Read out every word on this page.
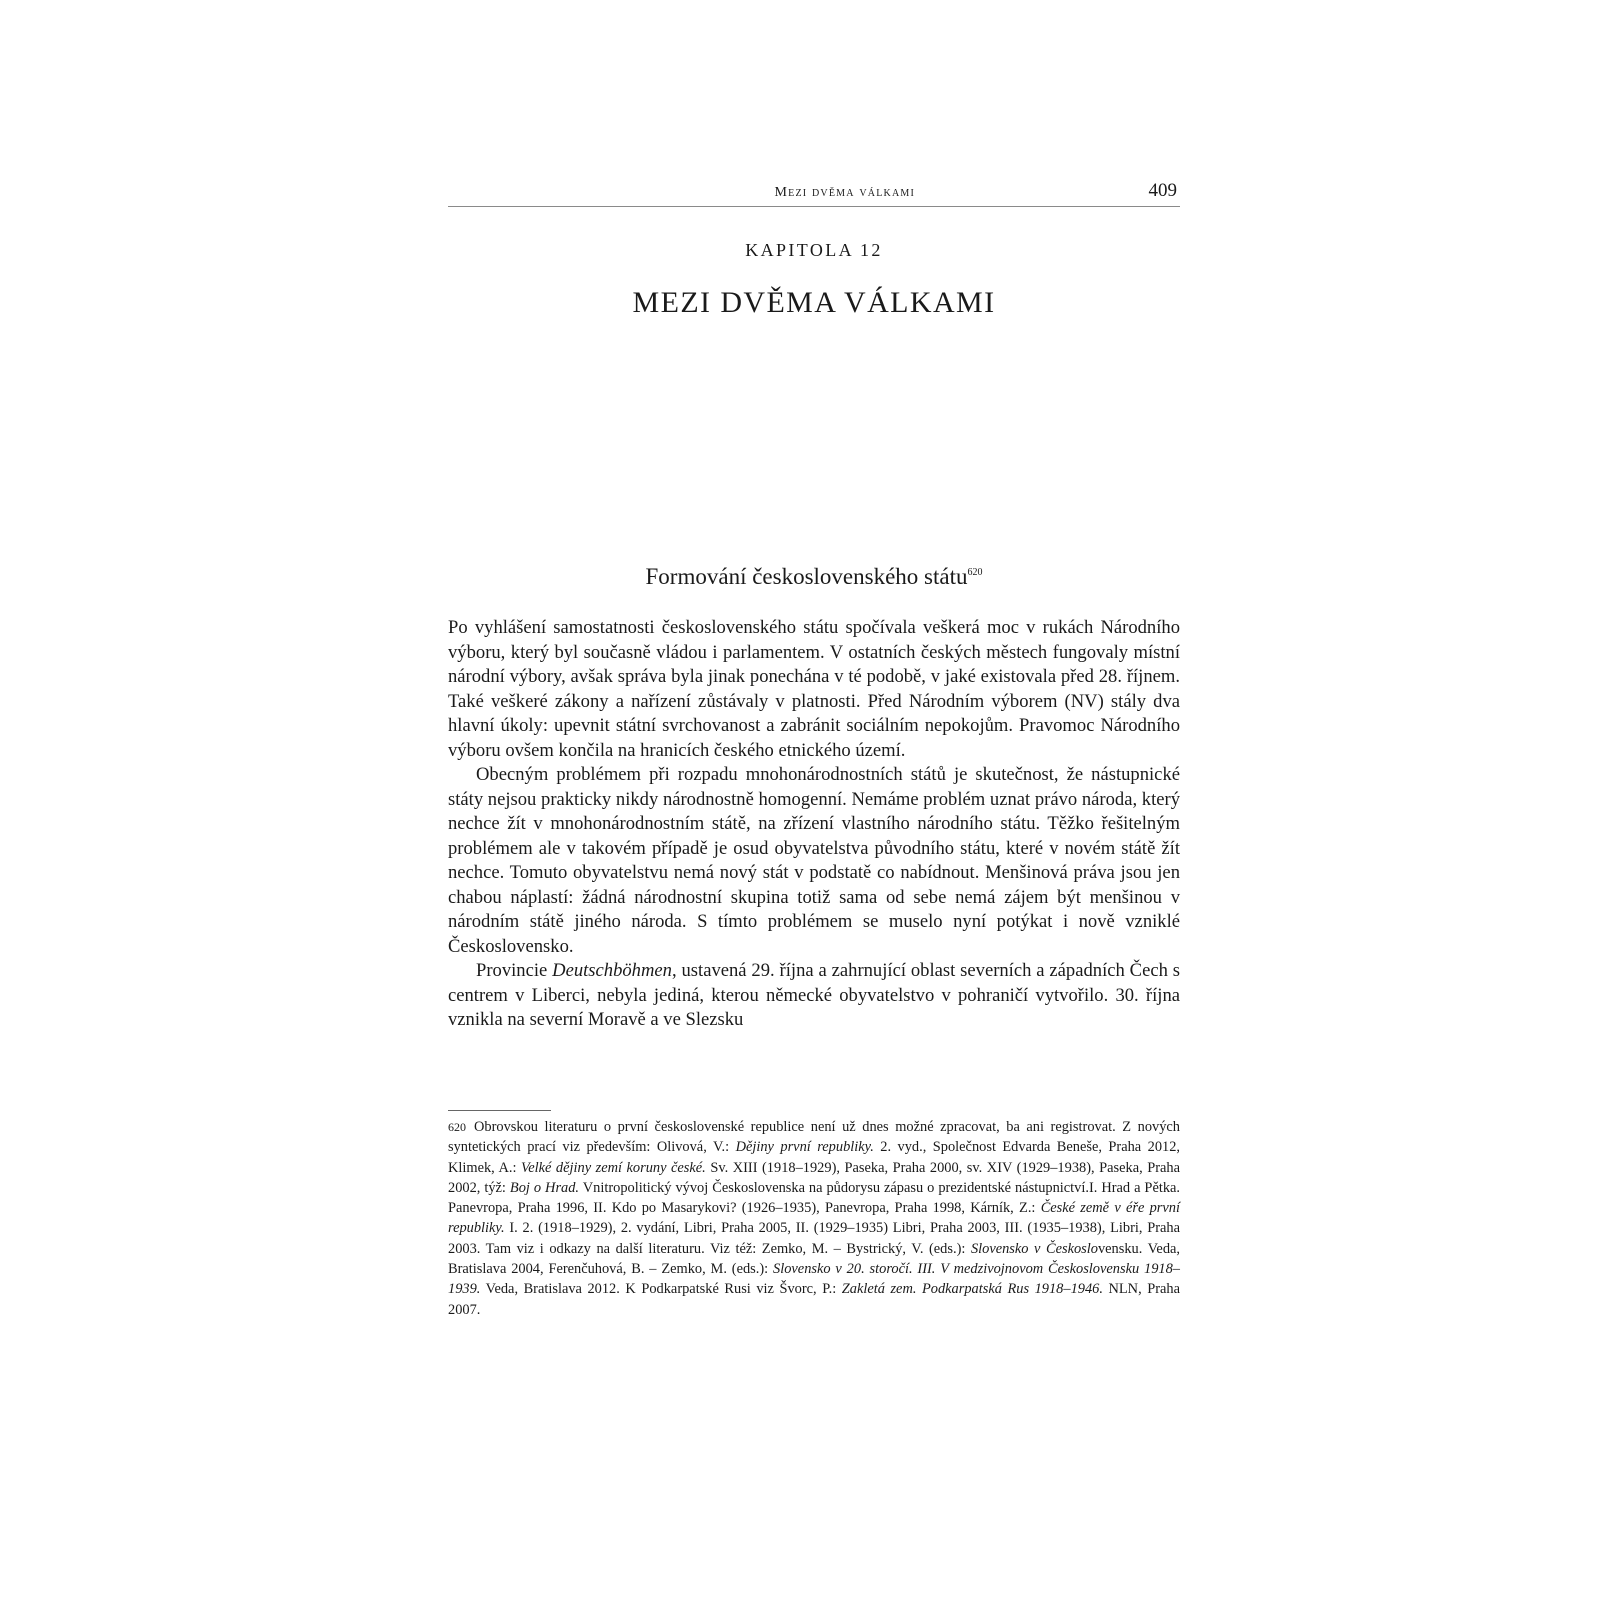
Mezi dvěma válkami	409
KAPITOLA 12
MEZI DVĚMA VÁLKAMI
Formování československého státu$^{620}$

Po vyhlášení samostatnosti československého státu spočívala veškerá moc v rukách Národního výboru, který byl současně vládou i parlamentem. V ostatních českých městech fungovaly místní národní výbory, avšak správa byla jinak ponechána v té podobě, v jaké existovala před 28. říjnem. Také veškeré zákony a nařízení zůstávaly v platnosti. Před Národním výborem (NV) stály dva hlavní úkoly: upevnit státní svrchovanost a zabránit sociálním nepokojům. Pravomoc Národního výboru ovšem končila na hranicích českého etnického území.

Obecným problémem při rozpadu mnohonárodnostních států je skutečnost, že nástupnické státy nejsou prakticky nikdy národnostně homogenní. Nemáme problém uznat právo národa, který nechce žít v mnohonárodnostním státě, na zřízení vlastního národního státu. Těžko řešitelným problémem ale v takovém případě je osud obyvatelstva původního státu, které v novém státě žít nechce. Tomuto obyvatelstvu nemá nový stát v podstatě co nabídnout. Menšinová práva jsou jen chabou náplastí: žádná národnostní skupina totiž sama od sebe nemá zájem být menšinou v národním státě jiného národa. S tímto problémem se muselo nyní potýkat i nově vzniklé Československo.

Provincie Deutschböhmen, ustavená 29. října a zahrnující oblast severních a západních Čech s centrem v Liberci, nebyla jediná, kterou německé obyvatelstvo v pohraničí vytvořilo. 30. října vznikla na severní Moravě a ve Slezsku

620 Obrovskou literaturu o první československé republice není už dnes možné zpracovat, ba ani registrovat. Z nových syntetických prací viz především: Olivová, V.: Dějiny první republiky. 2. vyd., Společnost Edvarda Beneše, Praha 2012, Klimek, A.: Velké dějiny zemí koruny české. Sv. XIII (1918–1929), Paseka, Praha 2000, sv. XIV (1929–1938), Paseka, Praha 2002, týž: Boj o Hrad. Vnitropolitický vývoj Československa na půdorysu zápasu o prezidentské nástupnictví.I. Hrad a Pětka. Panevropa, Praha 1996, II. Kdo po Masarykovi? (1926–1935), Panevropa, Praha 1998, Kárník, Z.: České země v éře první republiky. I. 2. (1918–1929), 2. vydání, Libri, Praha 2005, II. (1929–1935) Libri, Praha 2003, III. (1935–1938), Libri, Praha 2003. Tam viz i odkazy na další literaturu. Viz též: Zemko, M. – Bystrický, V. (eds.): Slovensko v Československu. Veda, Bratislava 2004, Ferenčuhová, B. – Zemko, M. (eds.): Slovensko v 20. storočí. III. V medzivojnovom Československu 1918–1939. Veda, Bratislava 2012. K Podkarpatské Rusi viz Švorc, P.: Zakletá zem. Podkarpatská Rus 1918–1946. NLN, Praha 2007.
